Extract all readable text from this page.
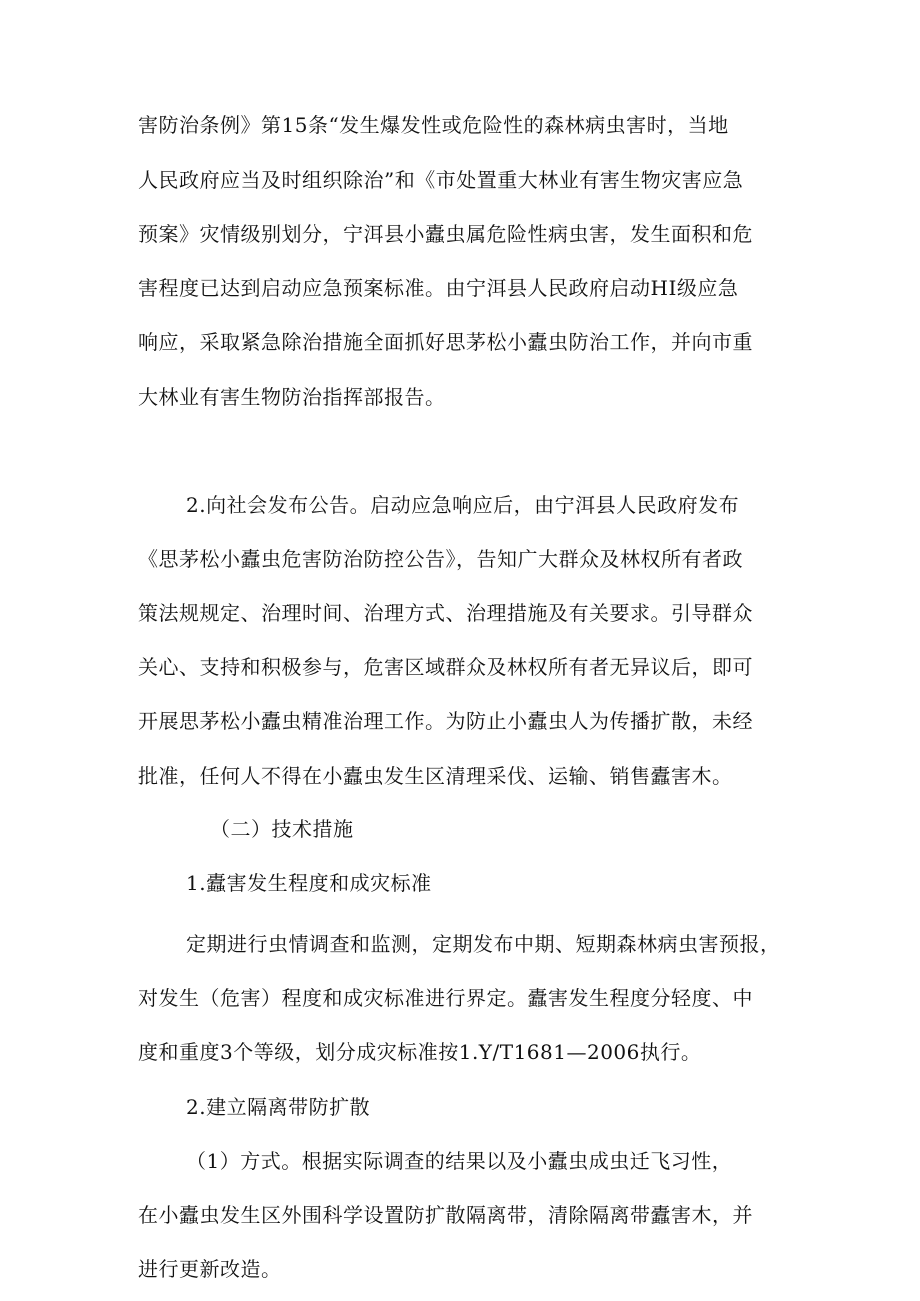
害防治条例》第15条“发生爆发性或危险性的森林病虫害时，当地
人民政府应当及时组织除治”和《市处置重大林业有害生物灾害应急
预案》灾情级别划分，宁洱县小蠹虫属危险性病虫害，发生面积和危
害程度已达到启动应急预案标准。由宁洱县人民政府启动HI级应急
响应，采取紧急除治措施全面抓好思茅松小蠹虫防治工作，并向市重
大林业有害生物防治指挥部报告。
2.向社会发布公告。启动应急响应后，由宁洱县人民政府发布
《思茅松小蠹虫危害防治防控公告》，告知广大群众及林权所有者政
策法规规定、治理时间、治理方式、治理措施及有关要求。引导群众
关心、支持和积极参与，危害区域群众及林权所有者无异议后，即可
开展思茅松小蠹虫精准治理工作。为防止小蠹虫人为传播扩散，未经
批准，任何人不得在小蠹虫发生区清理采伐、运输、销售蠹害木。
（二）技术措施
1.蠹害发生程度和成灾标准
定期进行虫情调查和监测，定期发布中期、短期森林病虫害预报，
对发生（危害）程度和成灾标准进行界定。蠹害发生程度分轻度、中
度和重度3个等级，划分成灾标准按1.Y/T1681—2006执行。
2.建立隔离带防扩散
（1）方式。根据实际调查的结果以及小蠹虫成虫迁飞习性，
在小蠹虫发生区外围科学设置防扩散隔离带，清除隔离带蠹害木，并
进行更新改造。
